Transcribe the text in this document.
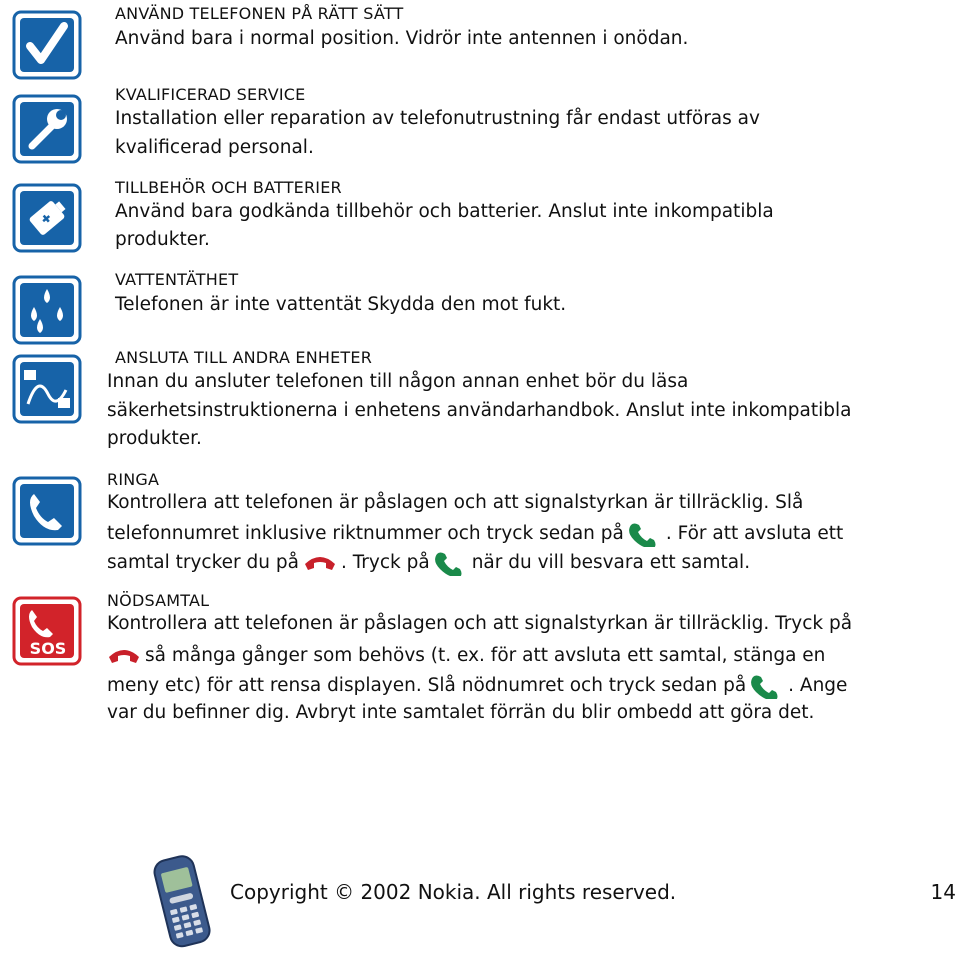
SOS
ANVÄND TELEFONEN PÅ RÄTT SÄTT
Använd bara i normal position. Vidrör inte antennen i onödan.
KVALIFICERAD SERVICE
Installation eller reparation av telefonutrustning får endast utföras av
kvalificerad personal.
TILLBEHÖR OCH BATTERIER
Använd bara godkända tillbehör och batterier. Anslut inte inkompatibla
produkter.
VATTENTÄTHET
Telefonen är inte vattentät Skydda den mot fukt.
ANSLUTA TILL ANDRA ENHETER
Innan du ansluter telefonen till någon annan enhet bör du läsa
säkerhetsinstruktionerna i enhetens användarhandbok. Anslut inte inkompatibla
produkter.
RINGA
Kontrollera att telefonen är påslagen och att signalstyrkan är tillräcklig. Slå
telefonnumret inklusive riktnummer och tryck sedan på . För att avsluta ett
samtal trycker du på . Tryck på när du vill besvara ett samtal.
NÖDSAMTAL
Kontrollera att telefonen är påslagen och att signalstyrkan är tillräcklig. Tryck på
så många gånger som behövs (t. ex. för att avsluta ett samtal, stänga en
meny etc) för att rensa displayen. Slå nödnumret och tryck sedan på . Ange
var du befinner dig. Avbryt inte samtalet förrän du blir ombedd att göra det.
Copyright © 2002 Nokia. All rights reserved.	14
